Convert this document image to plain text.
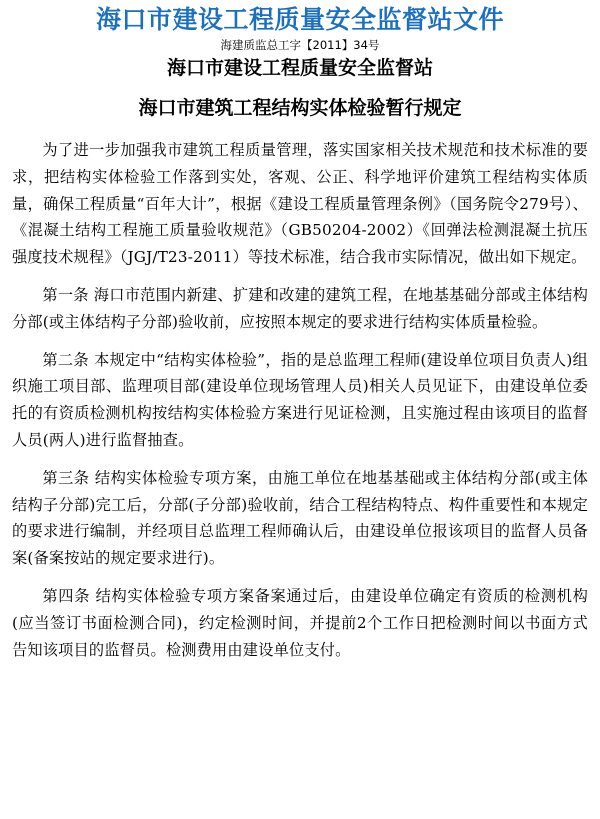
海口市建设工程质量安全监督站文件
海建质监总工字【2011】34号
海口市建设工程质量安全监督站
海口市建筑工程结构实体检验暂行规定

为了进一步加强我市建筑工程质量管理，落实国家相关技术规范和技术标准的要求，把结构实体检验工作落到实处，客观、公正、科学地评价建筑工程结构实体质量，确保工程质量“百年大计”，根据《建设工程质量管理条例》（国务院令279号）、《混凝土结构工程施工质量验收规范》（GB50204-2002）《回弹法检测混凝土抗压强度技术规程》（JGJ/T23-2011）等技术标准，结合我市实际情况，做出如下规定。

第一条 海口市范围内新建、扩建和改建的建筑工程，在地基基础分部或主体结构分部(或主体结构子分部)验收前，应按照本规定的要求进行结构实体质量检验。

第二条 本规定中“结构实体检验”，指的是总监理工程师(建设单位项目负责人)组织施工项目部、监理项目部(建设单位现场管理人员)相关人员见证下，由建设单位委托的有资质检测机构按结构实体检验方案进行见证检测，且实施过程由该项目的监督人员(两人)进行监督抽查。

第三条 结构实体检验专项方案，由施工单位在地基基础或主体结构分部(或主体结构子分部)完工后，分部(子分部)验收前，结合工程结构特点、构件重要性和本规定的要求进行编制，并经项目总监理工程师确认后，由建设单位报该项目的监督人员备案(备案按站的规定要求进行)。

第四条 结构实体检验专项方案备案通过后，由建设单位确定有资质的检测机构(应当签订书面检测合同)，约定检测时间，并提前2个工作日把检测时间以书面方式告知该项目的监督员。检测费用由建设单位支付。
